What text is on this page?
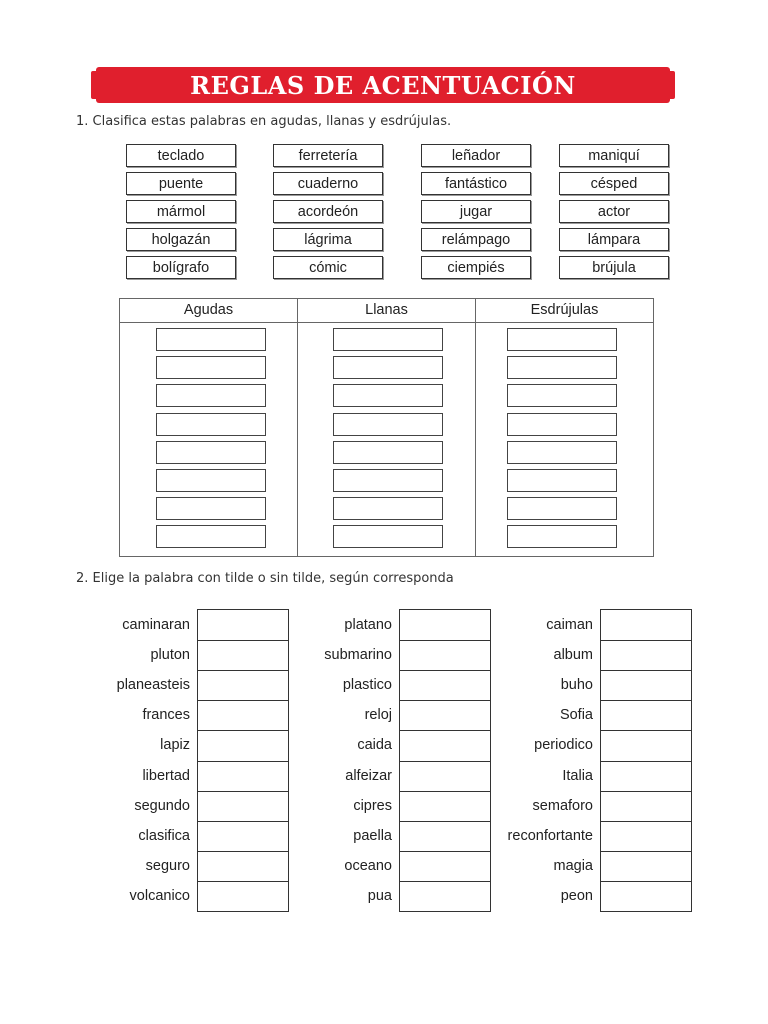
REGLAS DE ACENTUACIÓN
1. Clasifica estas palabras en agudas, llanas y esdrújulas.
teclado	ferretería	leñador	maniquí
puente	cuaderno	fantástico	césped
mármol	acordeón	jugar	actor
holgazán	lágrima	relámpago	lámpara
bolígrafo	cómic	ciempiés	brújula
Agudas	Llanas	Esdrújulas
2. Elige la palabra con tilde o sin tilde, según corresponda
caminaran
pluton
planeasteis
frances
lapiz
libertad
segundo
clasifica
seguro
volcanico
platano
submarino
plastico
reloj
caida
alfeizar
cipres
paella
oceano
pua
caiman
album
buho
Sofia
periodico
Italia
semaforo
reconfortante
magia
peon
